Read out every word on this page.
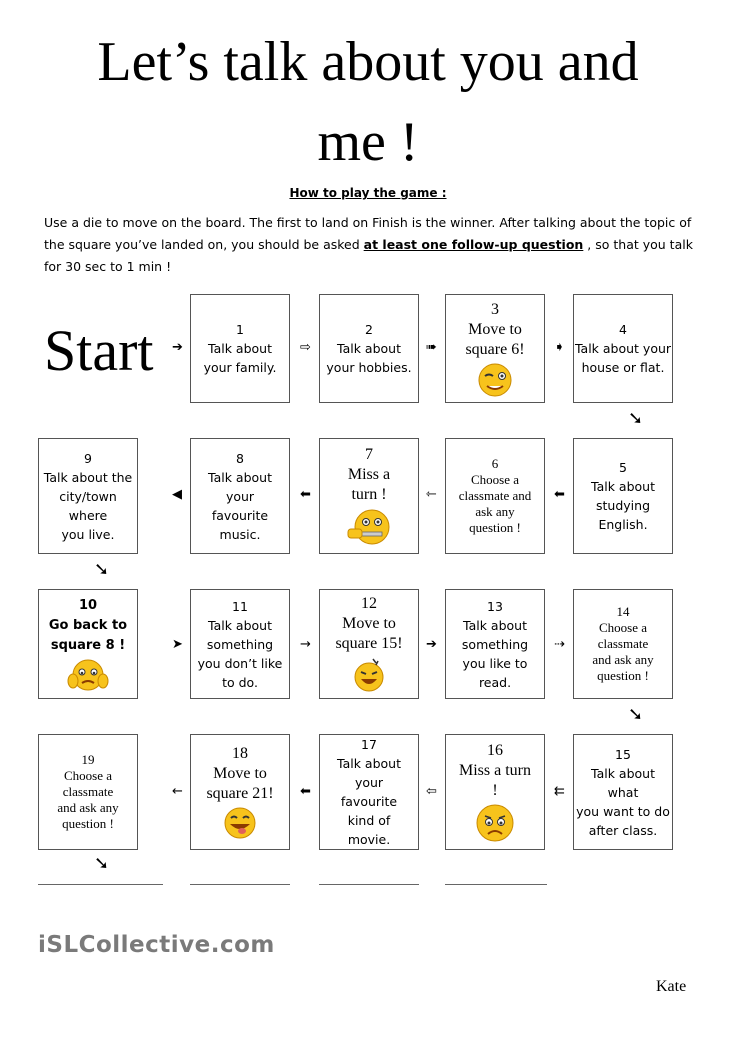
Let’s talk about you and
me !
How to play the game :
Use a die to move on the board. The first to land on Finish is the winner. After talking about the topic of the square you’ve landed on, you should be asked at least one follow-up question , so that you talk for 30 sec to 1 min !
Start	1
Talk about
your family.
2
Talk about
your hobbies.
3
Move to
square 6!
4
Talk about your
house or flat.
5
Talk about
studying English.
6
Choose a
classmate and
ask any
question !
7
Miss a
turn !
8
Talk about
your
favourite
music.
9
Talk about the
city/town where
you live.
10
Go back to
square 8 !
11
Talk about
something
you don’t like
to do.
12
Move to
square 15!
13
Talk about
something
you like to
read.
14
Choose a classmate
and ask any
question !
15
Talk about what
you want to do
after class.
16
Miss a turn
!
17
Talk about
your
favourite
kind of
movie.
18
Move to
square 21!
19
Choose a classmate
and ask any
question !
➔	⇨	➠	➧
➘
⬅
⇽
⬅
◀
➘
➤	→	➔	⇢
➘
⇇
⇦
⬅
←
➘
iSLCollective.com
Kate
